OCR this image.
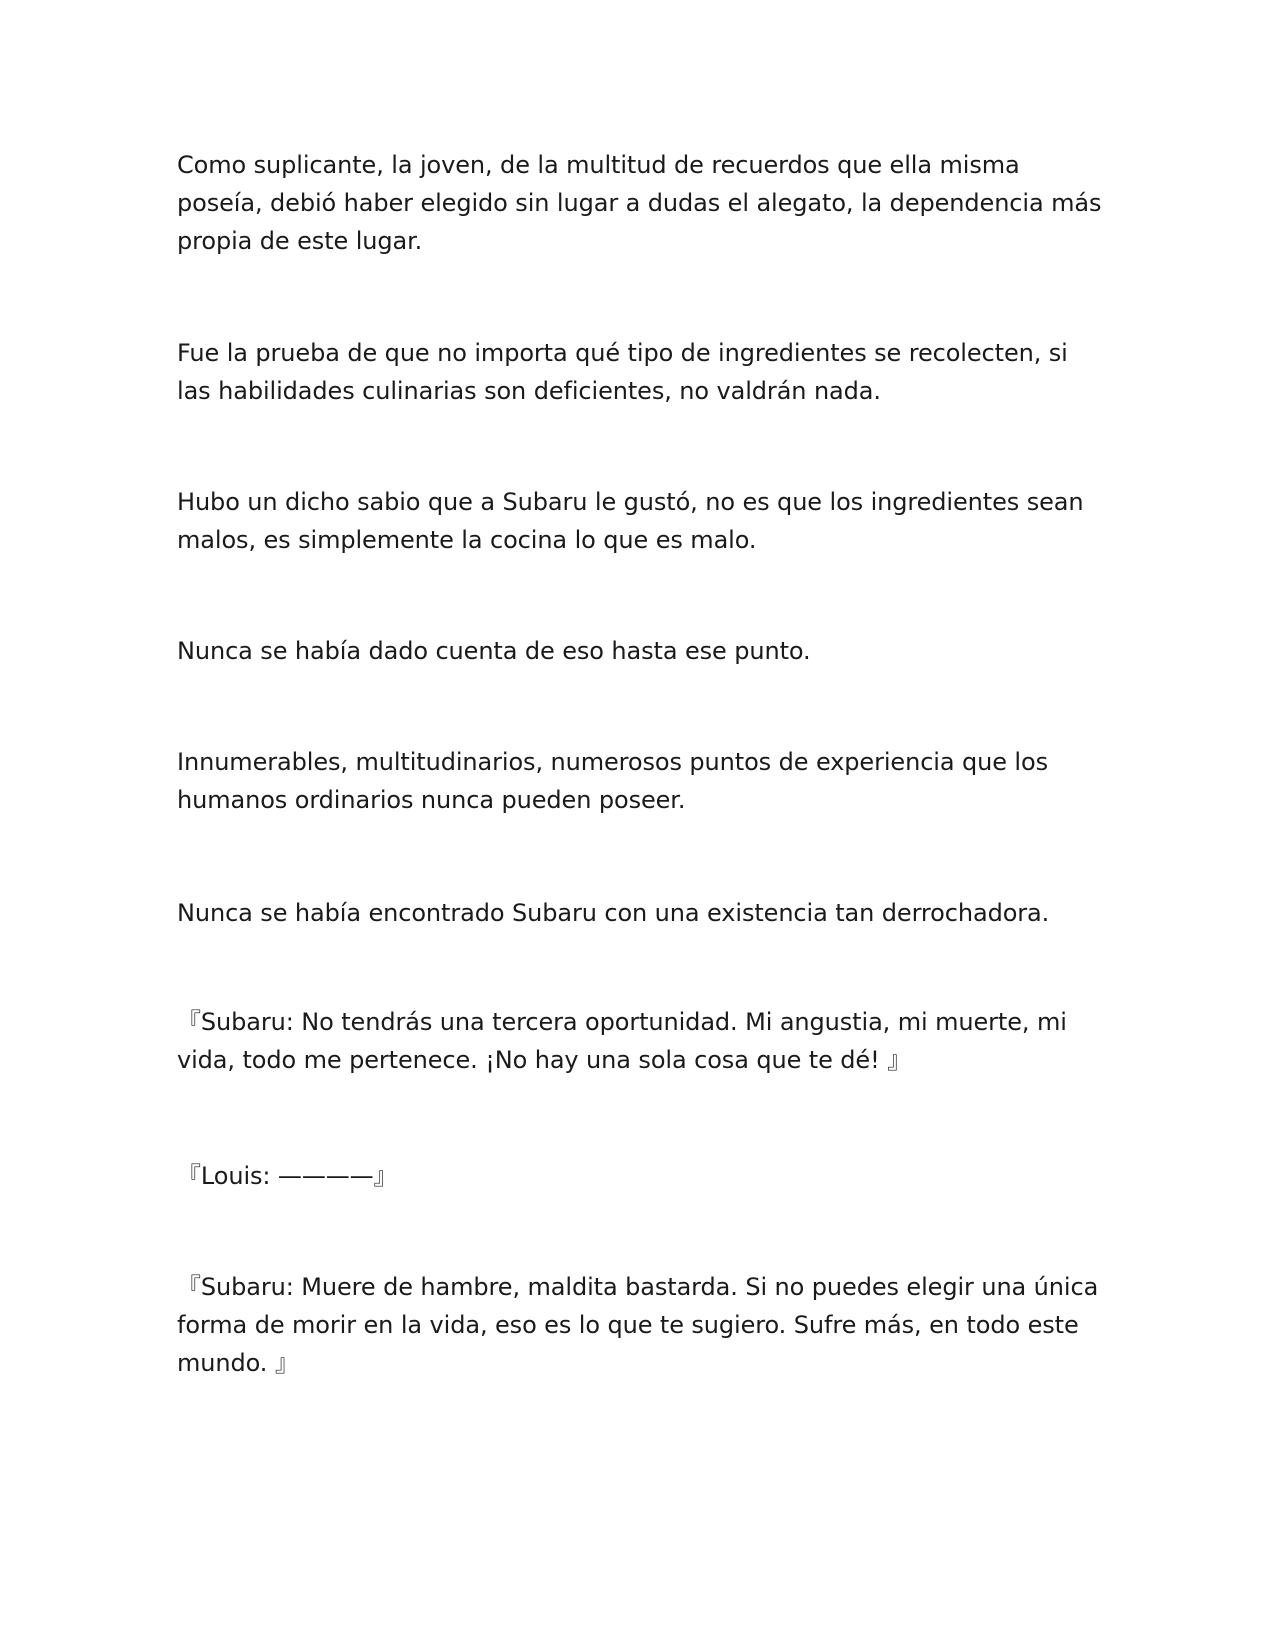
Como suplicante, la joven, de la multitud de recuerdos que ella misma poseía, debió haber elegido sin lugar a dudas el alegato, la dependencia más propia de este lugar.

Fue la prueba de que no importa qué tipo de ingredientes se recolecten, si las habilidades culinarias son deficientes, no valdrán nada.

Hubo un dicho sabio que a Subaru le gustó, no es que los ingredientes sean malos, es simplemente la cocina lo que es malo.

Nunca se había dado cuenta de eso hasta ese punto.

Innumerables, multitudinarios, numerosos puntos de experiencia que los humanos ordinarios nunca pueden poseer.

Nunca se había encontrado Subaru con una existencia tan derrochadora.

『Subaru: No tendrás una tercera oportunidad. Mi angustia, mi muerte, mi vida, todo me pertenece. ¡No hay una sola cosa que te dé! 』

『Louis: ————』

『Subaru: Muere de hambre, maldita bastarda. Si no puedes elegir una única forma de morir en la vida, eso es lo que te sugiero. Sufre más, en todo este mundo. 』
